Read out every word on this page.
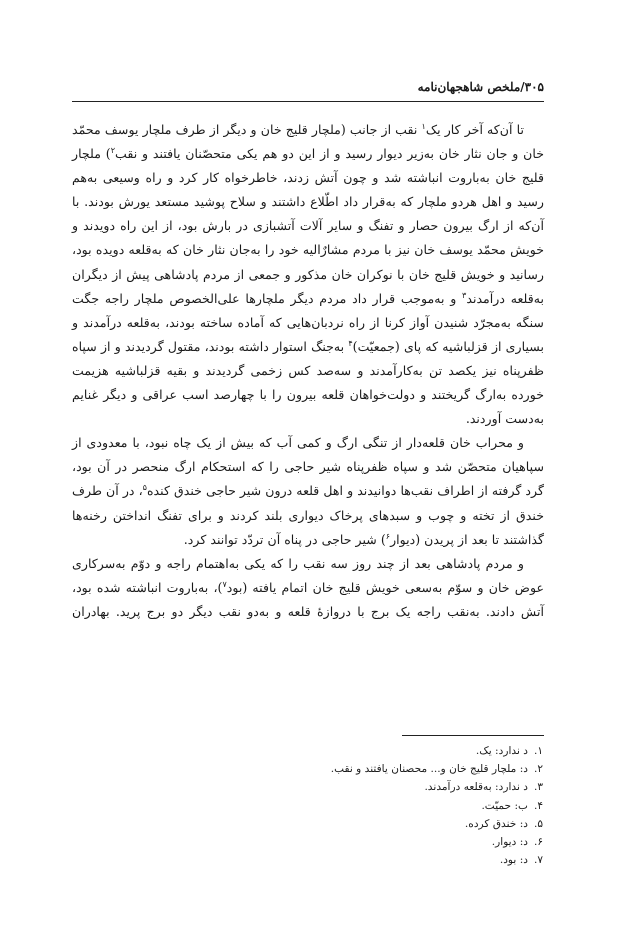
۳۰۵/ملخص شاهجهان‌نامه

تا آن‌که آخر کار یک$^۱$ نقب از جانب (ملچار قلیج خان و دیگر از طرف ملچار یوسف محمّد خان و جان نثار خان به‌زیر دیوار رسید و از این دو هم یکی متحصّنان یافتند و نقب$^۲$) ملچار قلیج خان به‌باروت انباشته شد و چون آتش زدند، خاطرخواه کار کرد و راه وسیعی به‌هم رسید و اهل هردو ملچار که به‌قرار داد اطّلاع داشتند و سلاح پوشید مستعد یورش بودند. با آن‌که از ارگ بیرون حصار و تفنگ و سایر آلات آتشبازی در بارش بود، از این راه دویدند و خویش محمّد یوسف خان نیز با مردم مشارٌالیه خود را به‌جان نثار خان که به‌قلعه دویده بود، رسانید و خویش قلیج خان با نوکران خان مذکور و جمعی از مردم پادشاهی پیش از دیگران به‌قلعه درآمدند$^۳$ و به‌موجب قرار داد مردم دیگر ملچارها علی‌الخصوص ملچار راجه جگت سنگه به‌مجرّد شنیدن آواز کرنا از راه نردبان‌هایی که آماده ساخته بودند، به‌قلعه درآمدند و بسیاری از قزلباشیه که پای (جمعیّت)$^۴$ به‌جنگ استوار داشته بودند، مقتول گردیدند و از سپاه ظفرپناه نیز یکصد تن به‌کارآمدند و سه‌صد کس زخمی گردیدند و بقیه قزلباشیه هزیمت خورده به‌ارگ گریختند و دولت‌خواهان قلعه بیرون را با چهارصد اسب عراقی و دیگر غنایم به‌دست آوردند.

و محراب خان قلعه‌دار از تنگی ارگ و کمی آب که بیش از یک چاه نبود، با معدودی از سپاهیان متحصّن شد و سپاه ظفرپناه شیر حاجی را که استحکام ارگ منحصر در آن بود، گرد گرفته از اطراف نقب‌ها دوانیدند و اهل قلعه درون شیر حاجی خندق کنده$^۵$، در آن طرف خندق از تخته و چوب و سبدهای پرخاک دیواری بلند کردند و برای تفنگ انداختن رخنه‌ها گذاشتند تا بعد از پریدن (دیوار$^۶$) شیر حاجی در پناه آن تردّد توانند کرد.

و مردم پادشاهی بعد از چند روز سه نقب را که یکی به‌اهتمام راجه و دوّم به‌سرکاری عوض خان و سوّم به‌سعی خویش قلیج خان اتمام یافته (بود$^۷$)، به‌باروت انباشته شده بود، آتش دادند. به‌نقب راجه یک برج با دروازهٔ قلعه و به‌دو نقب دیگر دو برج پرید. بهادران

۱.
د ندارد: یک.
۲.
د: ملچار قلیج خان و... محصنان یافتند و نقب.
۳.
د ندارد: به‌قلعه درآمدند.
۴.
ب: حمیّت.
۵.
د: خندق کرده.
۶.
د: دیوار.
۷.
د: بود.
